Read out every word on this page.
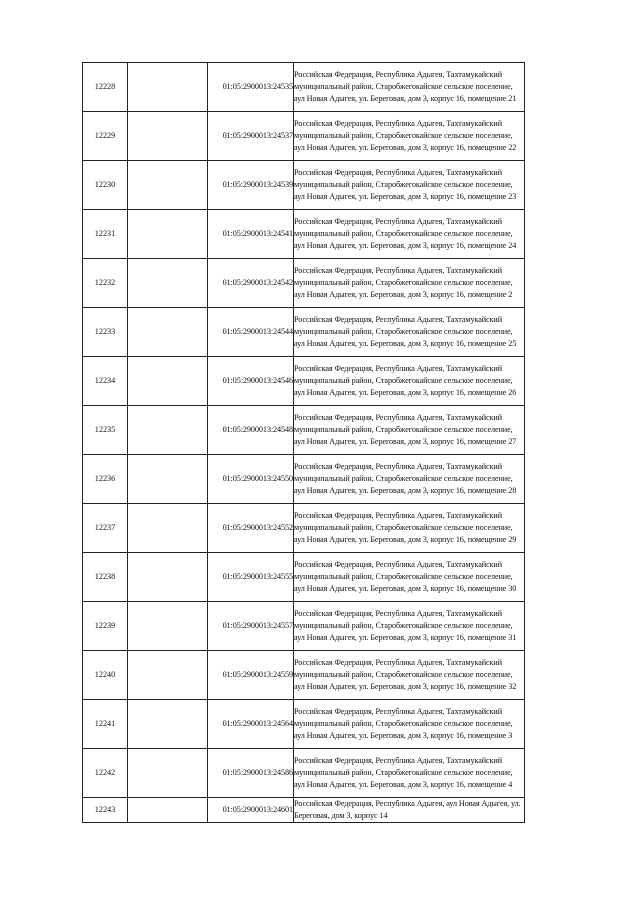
12228		01:05:2900013:24535	Российская Федерация, Республика Адыгея, Тахтамукайский муниципальный район, Старобжегокайское сельское поселение, аул Новая Адыгея, ул. Береговая, дом 3, корпус 16, помещение 21

12229		01:05:2900013:24537	Российская Федерация, Республика Адыгея, Тахтамукайский муниципальный район, Старобжегокайское сельское поселение, аул Новая Адыгея, ул. Береговая, дом 3, корпус 16, помещение 22

12230		01:05:2900013:24539	Российская Федерация, Республика Адыгея, Тахтамукайский муниципальный район, Старобжегокайское сельское поселение, аул Новая Адыгея, ул. Береговая, дом 3, корпус 16, помещение 23

12231		01:05:2900013:24541	Российская Федерация, Республика Адыгея, Тахтамукайский муниципальный район, Старобжегокайское сельское поселение, аул Новая Адыгея, ул. Береговая, дом 3, корпус 16, помещение 24

12232		01:05:2900013:24542	Российская Федерация, Республика Адыгея, Тахтамукайский муниципальный район, Старобжегокайское сельское поселение, аул Новая Адыгея, ул. Береговая, дом 3, корпус 16, помещение 2

12233		01:05:2900013:24544	Российская Федерация, Республика Адыгея, Тахтамукайский муниципальный район, Старобжегокайское сельское поселение, аул Новая Адыгея, ул. Береговая, дом 3, корпус 16, помещение 25

12234		01:05:2900013:24546	Российская Федерация, Республика Адыгея, Тахтамукайский муниципальный район, Старобжегокайское сельское поселение, аул Новая Адыгея, ул. Береговая, дом 3, корпус 16, помещение 26

12235		01:05:2900013:24548	Российская Федерация, Республика Адыгея, Тахтамукайский муниципальный район, Старобжегокайское сельское поселение, аул Новая Адыгея, ул. Береговая, дом 3, корпус 16, помещение 27

12236		01:05:2900013:24550	Российская Федерация, Республика Адыгея, Тахтамукайский муниципальный район, Старобжегокайское сельское поселение, аул Новая Адыгея, ул. Береговая, дом 3, корпус 16, помещение 28

12237		01:05:2900013:24552	Российская Федерация, Республика Адыгея, Тахтамукайский муниципальный район, Старобжегокайское сельское поселение, аул Новая Адыгея, ул. Береговая, дом 3, корпус 16, помещение 29

12238		01:05:2900013:24555	Российская Федерация, Республика Адыгея, Тахтамукайский муниципальный район, Старобжегокайское сельское поселение, аул Новая Адыгея, ул. Береговая, дом 3, корпус 16, помещение 30

12239		01:05:2900013:24557	Российская Федерация, Республика Адыгея, Тахтамукайский муниципальный район, Старобжегокайское сельское поселение, аул Новая Адыгея, ул. Береговая, дом 3, корпус 16, помещение 31

12240		01:05:2900013:24559	Российская Федерация, Республика Адыгея, Тахтамукайский муниципальный район, Старобжегокайское сельское поселение, аул Новая Адыгея, ул. Береговая, дом 3, корпус 16, помещение 32

12241		01:05:2900013:24564	Российская Федерация, Республика Адыгея, Тахтамукайский муниципальный район, Старобжегокайское сельское поселение, аул Новая Адыгея, ул. Береговая, дом 3, корпус 16, помещение 3

12242		01:05:2900013:24586	Российская Федерация, Республика Адыгея, Тахтамукайский муниципальный район, Старобжегокайское сельское поселение, аул Новая Адыгея, ул. Береговая, дом 3, корпус 16, помещение 4

12243		01:05:2900013:24601	Российская Федерация, Республика Адыгея, аул Новая Адыгея, ул. Береговая, дом 3, корпус 14
